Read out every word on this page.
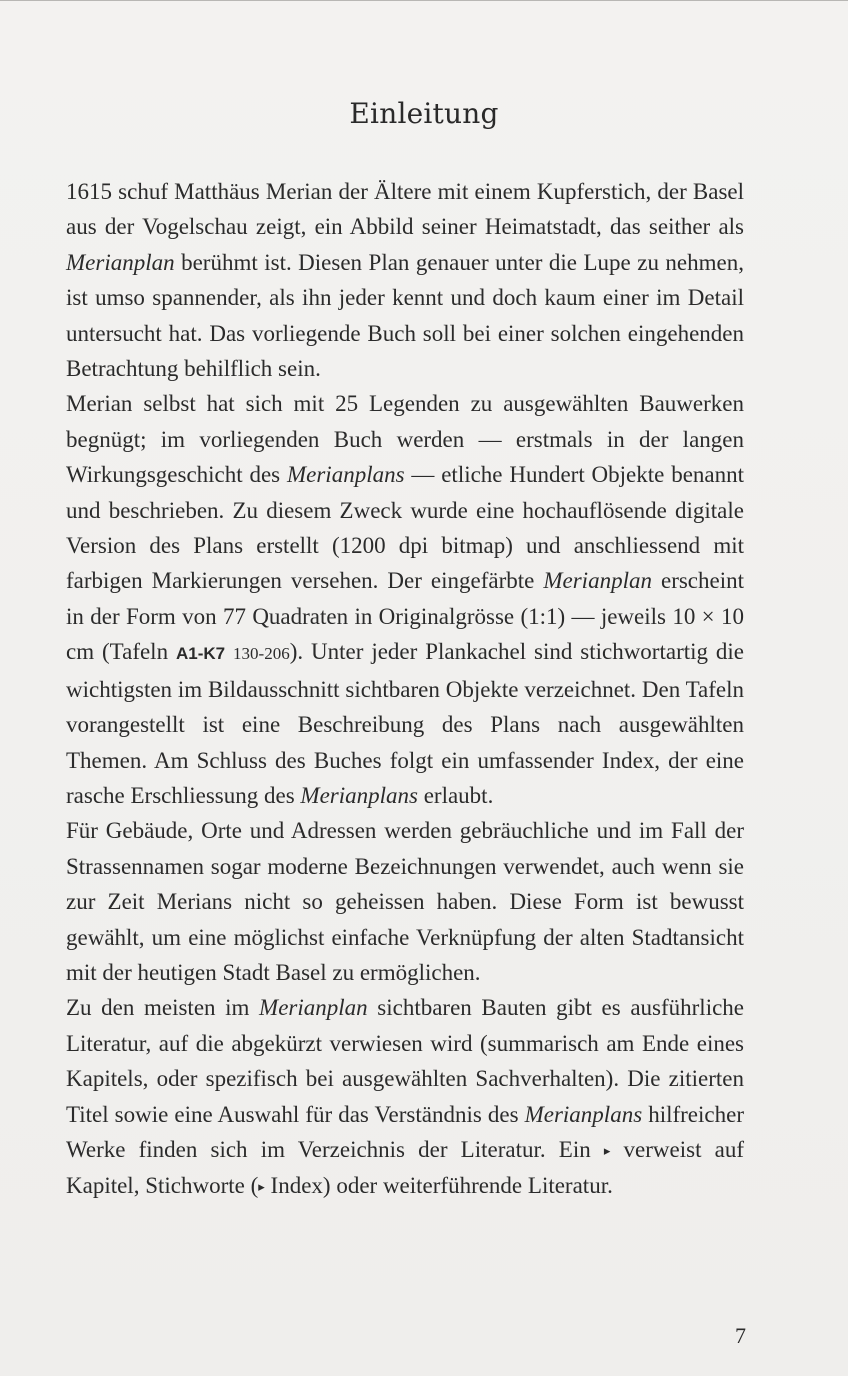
Einleitung

1615 schuf Matthäus Merian der Ältere mit einem Kupferstich, der Basel aus der Vogelschau zeigt, ein Abbild seiner Heimatstadt, das seither als Merianplan berühmt ist. Diesen Plan genauer unter die Lupe zu nehmen, ist umso spannender, als ihn jeder kennt und doch kaum einer im Detail untersucht hat. Das vorliegende Buch soll bei einer solchen eingehenden Betrachtung behilflich sein.

Merian selbst hat sich mit 25 Legenden zu ausgewählten Bauwerken begnügt; im vorliegenden Buch werden — erstmals in der langen Wirkungsgeschicht des Merianplans — etliche Hundert Objekte benannt und beschrieben. Zu diesem Zweck wurde eine hochauflösende digitale Version des Plans erstellt (1200 dpi bitmap) und anschliessend mit farbigen Markierungen versehen. Der eingefärbte Merianplan erscheint in der Form von 77 Quadraten in Originalgrösse (1:1) — jeweils 10 × 10 cm (Tafeln A1-K7 130-206). Unter jeder Plankachel sind stichwortartig die wichtigsten im Bildausschnitt sichtbaren Objekte verzeichnet. Den Tafeln vorangestellt ist eine Beschreibung des Plans nach ausgewählten Themen. Am Schluss des Buches folgt ein umfassender Index, der eine rasche Erschliessung des Merianplans erlaubt.

Für Gebäude, Orte und Adressen werden gebräuchliche und im Fall der Strassennamen sogar moderne Bezeichnungen verwendet, auch wenn sie zur Zeit Merians nicht so geheissen haben. Diese Form ist bewusst gewählt, um eine möglichst einfache Verknüpfung der alten Stadtansicht mit der heutigen Stadt Basel zu ermöglichen.

Zu den meisten im Merianplan sichtbaren Bauten gibt es ausführliche Literatur, auf die abgekürzt verwiesen wird (summarisch am Ende eines Kapitels, oder spezifisch bei ausgewählten Sachverhalten). Die zitierten Titel sowie eine Auswahl für das Verständnis des Merianplans hilfreicher Werke finden sich im Verzeichnis der Literatur. Ein ▸ verweist auf Kapitel, Stichworte (▸ Index) oder weiterführende Literatur.

7
